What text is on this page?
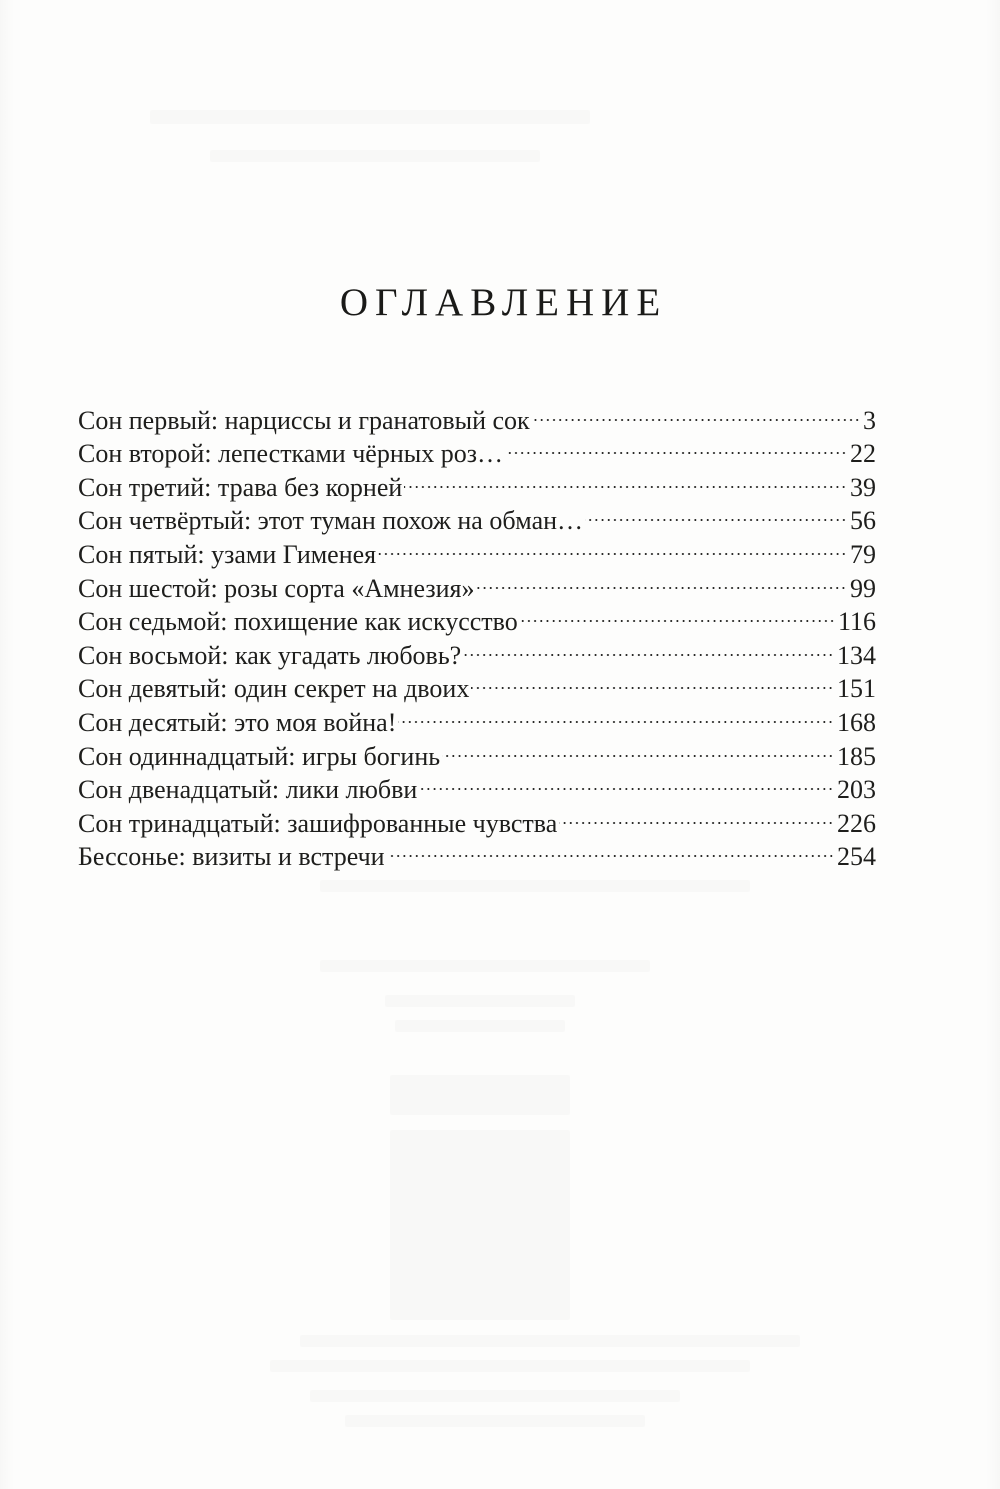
ОГЛАВЛЕНИЕ
Сон первый: нарциссы и гранатовый сок	3
Сон второй: лепестками чёрных роз…	22
Сон третий: трава без корней	39
Сон четвёртый: этот туман похож на обман…	56
Сон пятый: узами Гименея	79
Сон шестой: розы сорта «Амнезия»	99
Сон седьмой: похищение как искусство	116
Сон восьмой: как угадать любовь?	134
Сон девятый: один секрет на двоих	151
Сон десятый: это моя война!	168
Сон одиннадцатый: игры богинь	185
Сон двенадцатый: лики любви	203
Сон тринадцатый: зашифрованные чувства	226
Бессонье: визиты и встречи	254
